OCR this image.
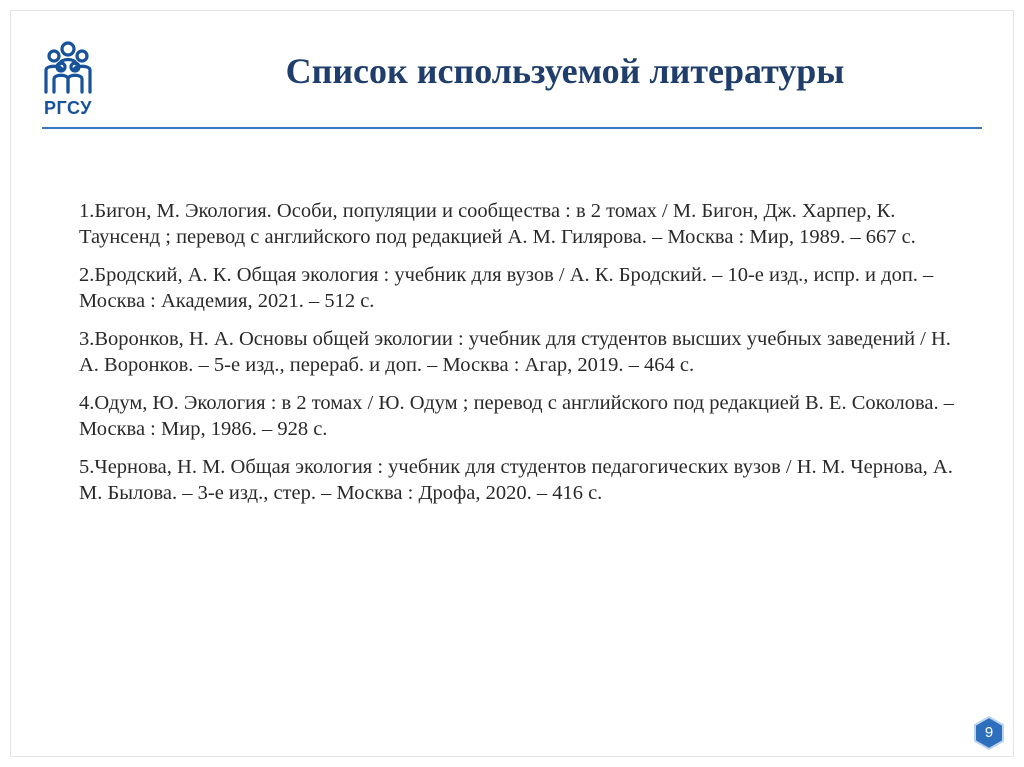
РГСУ
Список используемой литературы
1.Бигон, М. Экология. Особи, популяции и сообщества : в 2 томах / М. Бигон, Дж. Харпер, К. Таунсенд ; перевод с английского под редакцией А. М. Гилярова. – Москва : Мир, 1989. – 667 с.
2.Бродский, А. К. Общая экология : учебник для вузов / А. К. Бродский. – 10-е изд., испр. и доп. – Москва : Академия, 2021. – 512 с.
3.Воронков, Н. А. Основы общей экологии : учебник для студентов высших учебных заведений / Н. А. Воронков. – 5-е изд., перераб. и доп. – Москва : Агар, 2019. – 464 с.
4.Одум, Ю. Экология : в 2 томах / Ю. Одум ; перевод с английского под редакцией В. Е. Соколова. – Москва : Мир, 1986. – 928 с.
5.Чернова, Н. М. Общая экология : учебник для студентов педагогических вузов / Н. М. Чернова, А. М. Былова. – 3-е изд., стер. – Москва : Дрофа, 2020. – 416 с.
9
